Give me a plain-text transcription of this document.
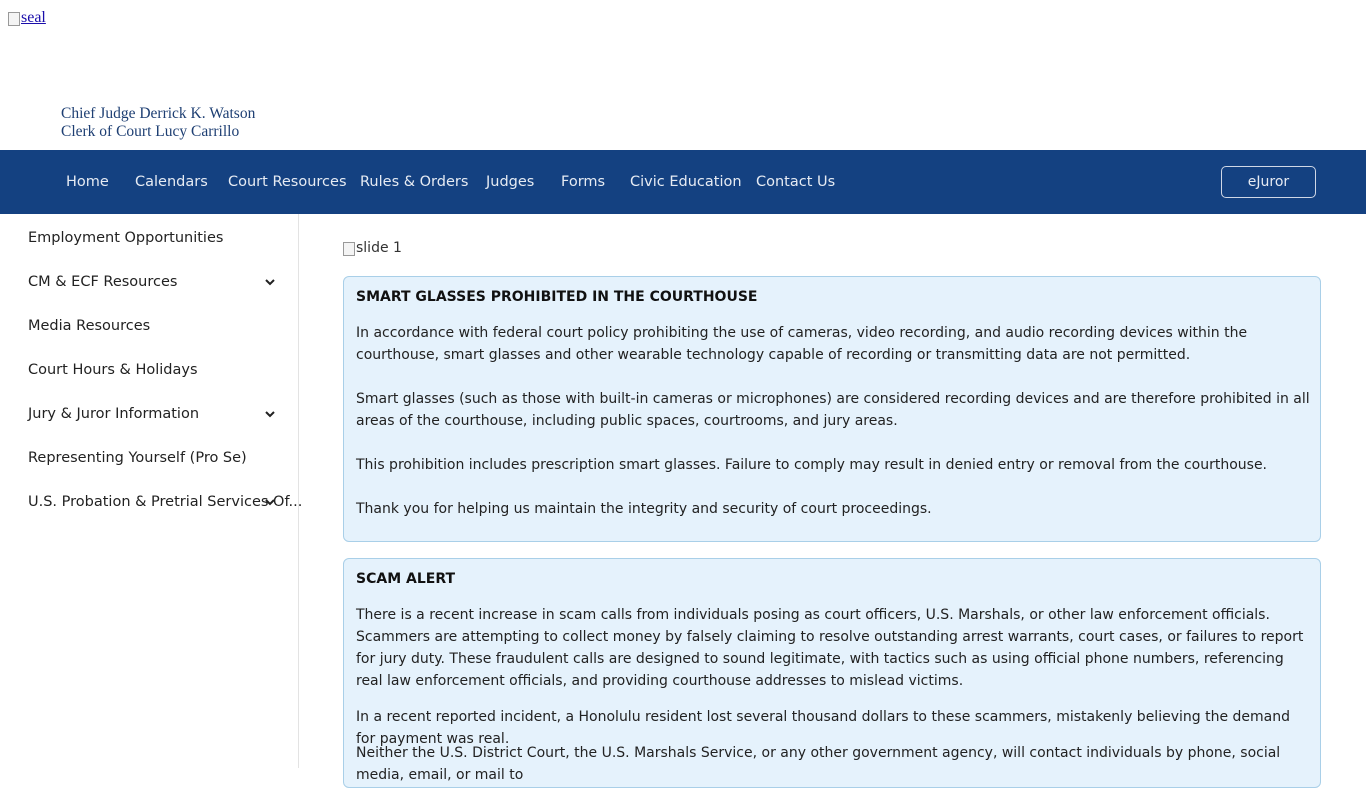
seal
Chief Judge Derrick K. Watson
Clerk of Court Lucy Carrillo
Home Calendars Court Resources Rules & Orders Judges Forms Civic Education Contact Us	eJuror
Employment Opportunities
CM & ECF Resources
Media Resources
Court Hours & Holidays
Jury & Juror Information
Representing Yourself (Pro Se)
U.S. Probation & Pretrial Services Of...
slide 1
SMART GLASSES PROHIBITED IN THE COURTHOUSE

In accordance with federal court policy prohibiting the use of cameras, video recording, and audio recording devices within the courthouse, smart glasses and other wearable technology capable of recording or transmitting data are not permitted.

Smart glasses (such as those with built-in cameras or microphones) are considered recording devices and are therefore prohibited in all areas of the courthouse, including public spaces, courtrooms, and jury areas.

This prohibition includes prescription smart glasses. Failure to comply may result in denied entry or removal from the courthouse.

Thank you for helping us maintain the integrity and security of court proceedings.

SCAM ALERT

There is a recent increase in scam calls from individuals posing as court officers, U.S. Marshals, or other law enforcement officials. Scammers are attempting to collect money by falsely claiming to resolve outstanding arrest warrants, court cases, or failures to report for jury duty. These fraudulent calls are designed to sound legitimate, with tactics such as using official phone numbers, referencing real law enforcement officials, and providing courthouse addresses to mislead victims.

In a recent reported incident, a Honolulu resident lost several thousand dollars to these scammers, mistakenly believing the demand for payment was real.

Neither the U.S. District Court, the U.S. Marshals Service, or any other government agency, will contact individuals by phone, social media, email, or mail to
